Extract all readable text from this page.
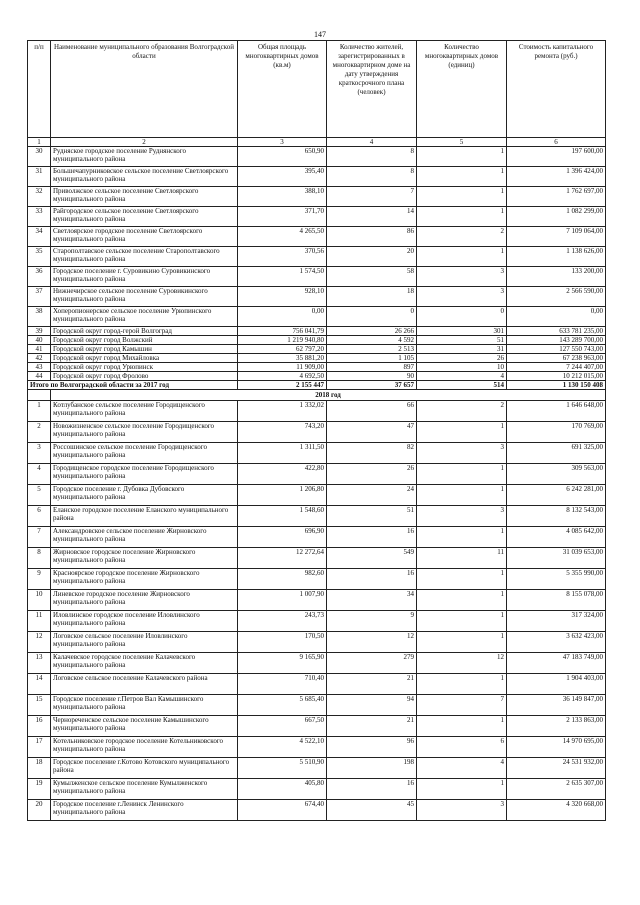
147
п/п	Наименование муниципального образования Волгоградской области	Общая площадь многоквартирных домов (кв.м)	Количество жителей, зарегистрированных в многоквартирном доме на дату утверждения краткосрочного плана (человек)	Количество многоквартирных домов (единиц)	Стоимость капитального ремонта (руб.)
1	2	3	4	5	6
30	Рудняское городское поселение Руднянского муниципального района	650,90	8	1	197 600,00
31	Большечапурниковское сельское поселение Светлоярского муниципального района	395,40	8	1	1 396 424,00
32	Приволжское сельское поселение Светлоярского муниципального района	388,10	7	1	1 762 697,00
33	Райгородское сельское поселение Светлоярского муниципального района	371,70	14	1	1 082 299,00
34	Светлоярское городское поселение Светлоярского муниципального района	4 265,50	86	2	7 109 064,00
35	Старополтавское сельское поселение Старополтавского муниципального района	370,56	20	1	1 138 626,00
36	Городское поселение г. Суровикино Суровикинского муниципального района	1 574,50	58	3	133 200,00
37	Нижнечирское сельское поселение Суровикинского муниципального района	928,10	18	3	2 566 590,00
38	Хоперопионерское сельское поселение Урюпинского муниципального района	0,00	0	0	0,00
39	Городской округ город-герой Волгоград	756 041,79	26 266	301	633 781 235,00
40	Городской округ город Волжский	1 219 940,80	4 592	51	143 289 700,00
41	Городской округ город Камышин	62 797,20	2 513	31	127 550 743,00
42	Городской округ город Михайловка	35 881,20	1 105	26	67 238 963,00
43	Городской округ город Урюпинск	11 909,00	897	10	7 244 407,00
44	Городской округ город Фролово	4 692,50	90	4	10 212 015,00
Итого по Волгоградской области за 2017 год		2 155 447	37 657	514	1 130 150 408
	2018 год				
1	Котлубанское сельское поселение Городищенского муниципального района	1 332,02	66	2	1 646 648,00
2	Новожизненское сельское поселение Городищенского муниципального района	743,20	47	1	170 769,00
3	Россошинское сельское поселение Городищенского муниципального района	1 311,50	82	3	691 325,00
4	Городищенское городское поселение Городищенского муниципального района	422,80	26	1	309 563,00
5	Городское поселение г. Дубовка Дубовского муниципального района	1 206,80	24	1	6 242 281,00
6	Еланское городское поселение Еланского муниципального района	1 548,60	51	3	8 132 543,00
7	Александровское сельское поселение Жирновского муниципального района	696,90	16	1	4 085 642,00
8	Жирновское городское поселение Жирновского муниципального района	12 272,64	549	11	31 039 653,00
9	Красноярское городское поселение Жирновского муниципального района	982,60	16	1	5 355 990,00
10	Линевское городское поселение Жирновского муниципального района	1 007,90	34	1	8 155 078,00
11	Иловлинское городское поселение Иловлинского муниципального района	243,73	9	1	317 324,00
12	Логовское сельское поселение Иловлинского муниципального района	170,50	12	1	3 632 423,00
13	Калачевское городское поселение Калачевского муниципального района	9 165,90	279	12	47 183 749,00
14	Логовское сельское поселение Калачевского района	710,40	21	1	1 904 403,00
15	Городское поселение г.Петров Вал Камышинского муниципального района	5 685,40	94	7	36 149 847,00
16	Чернореченское сельское поселение Камышинского муниципального района	667,50	21	1	2 133 863,00
17	Котельниковское городское поселение Котельниковского муниципального района	4 522,10	96	6	14 970 695,00
18	Городское поселение г.Котово Котовского муниципального района	5 510,90	198	4	24 531 932,00
19	Кумылженское сельское поселение Кумылженского муниципального района	405,80	16	1	2 635 307,00
20	Городское поселение г.Ленинск Ленинского муниципального района	674,40	45	3	4 320 668,00
